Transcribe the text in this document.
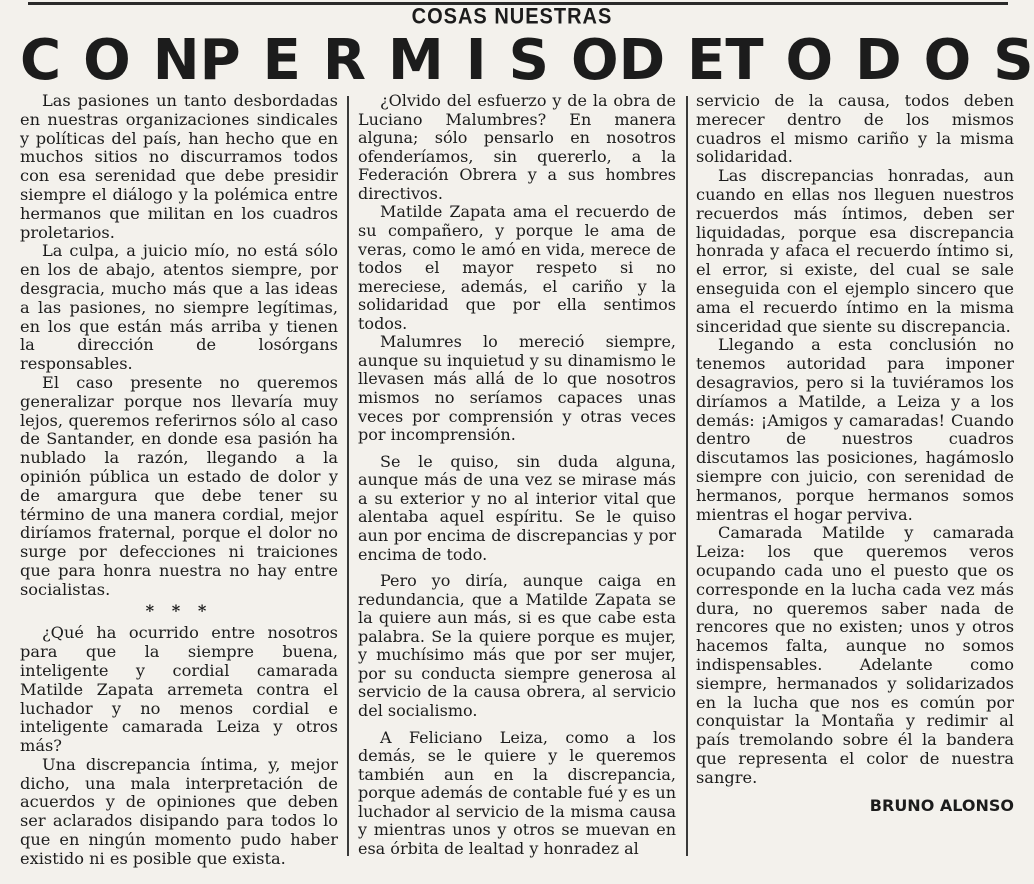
COSAS NUESTRAS
C O N P E R M I S O D E T O D O S

Las pasiones un tanto desbordadas en nuestras organizaciones sindicales y políticas del país, han hecho que en muchos sitios no discurramos todos con esa serenidad que debe presidir siempre el diálogo y la polémica entre hermanos que militan en los cuadros proletarios.

La culpa, a juicio mío, no está sólo en los de abajo, atentos siempre, por desgracia, mucho más que a las ideas a las pasiones, no siempre legítimas, en los que están más arriba y tienen la dirección de losórgans responsables.

El caso presente no queremos generalizar porque nos llevaría muy lejos, queremos referirnos sólo al caso de Santander, en donde esa pasión ha nublado la razón, llegando a la opinión pública un estado de dolor y de amargura que debe tener su término de una manera cordial, mejor diríamos fraternal, porque el dolor no surge por defecciones ni traiciones que para honra nuestra no hay entre socialistas.

* * *

¿Qué ha ocurrido entre nosotros para que la siempre buena, inteligente y cordial camarada Matilde Zapata arremeta contra el luchador y no menos cordial e inteligente camarada Leiza y otros más?

Una discrepancia íntima, y, mejor dicho, una mala interpretación de acuerdos y de opiniones que deben ser aclarados disipando para todos lo que en ningún momento pudo haber existido ni es posible que exista.

¿Olvido del esfuerzo y de la obra de Luciano Malumbres? En manera alguna; sólo pensarlo en nosotros ofenderíamos, sin quererlo, a la Federación Obrera y a sus hombres directivos.

Matilde Zapata ama el recuerdo de su compañero, y porque le ama de veras, como le amó en vida, merece de todos el mayor respeto si no mereciese, además, el cariño y la solidaridad que por ella sentimos todos.

Malumres lo mereció siempre, aunque su inquietud y su dinamismo le llevasen más allá de lo que nosotros mismos no seríamos capaces unas veces por comprensión y otras veces por incomprensión.

Se le quiso, sin duda alguna, aunque más de una vez se mirase más a su exterior y no al interior vital que alentaba aquel espíritu. Se le quiso aun por encima de discrepancias y por encima de todo.

Pero yo diría, aunque caiga en redundancia, que a Matilde Zapata se la quiere aun más, si es que cabe esta palabra. Se la quiere porque es mujer, y muchísimo más que por ser mujer, por su conducta siempre generosa al servicio de la causa obrera, al servicio del socialismo.

A Feliciano Leiza, como a los demás, se le quiere y le queremos también aun en la discrepancia, porque además de contable fué y es un luchador al servicio de la misma causa y mientras unos y otros se muevan en esa órbita de lealtad y honradez al

servicio de la causa, todos deben merecer dentro de los mismos cuadros el mismo cariño y la misma solidaridad.

Las discrepancias honradas, aun cuando en ellas nos lleguen nuestros recuerdos más íntimos, deben ser liquidadas, porque esa discrepancia honrada y afaca el recuerdo íntimo si, el error, si existe, del cual se sale enseguida con el ejemplo sincero que ama el recuerdo íntimo en la misma sinceridad que siente su discrepancia.

Llegando a esta conclusión no tenemos autoridad para imponer desagravios, pero si la tuviéramos los diríamos a Matilde, a Leiza y a los demás: ¡Amigos y camaradas! Cuando dentro de nuestros cuadros discutamos las posiciones, hagámoslo siempre con juicio, con serenidad de hermanos, porque hermanos somos mientras el hogar perviva.

Camarada Matilde y camarada Leiza: los que queremos veros ocupando cada uno el puesto que os corresponde en la lucha cada vez más dura, no queremos saber nada de rencores que no existen; unos y otros hacemos falta, aunque no somos indispensables. Adelante como siempre, hermanados y solidarizados en la lucha que nos es común por conquistar la Montaña y redimir al país tremolando sobre él la bandera que representa el color de nuestra sangre.

BRUNO ALONSO
